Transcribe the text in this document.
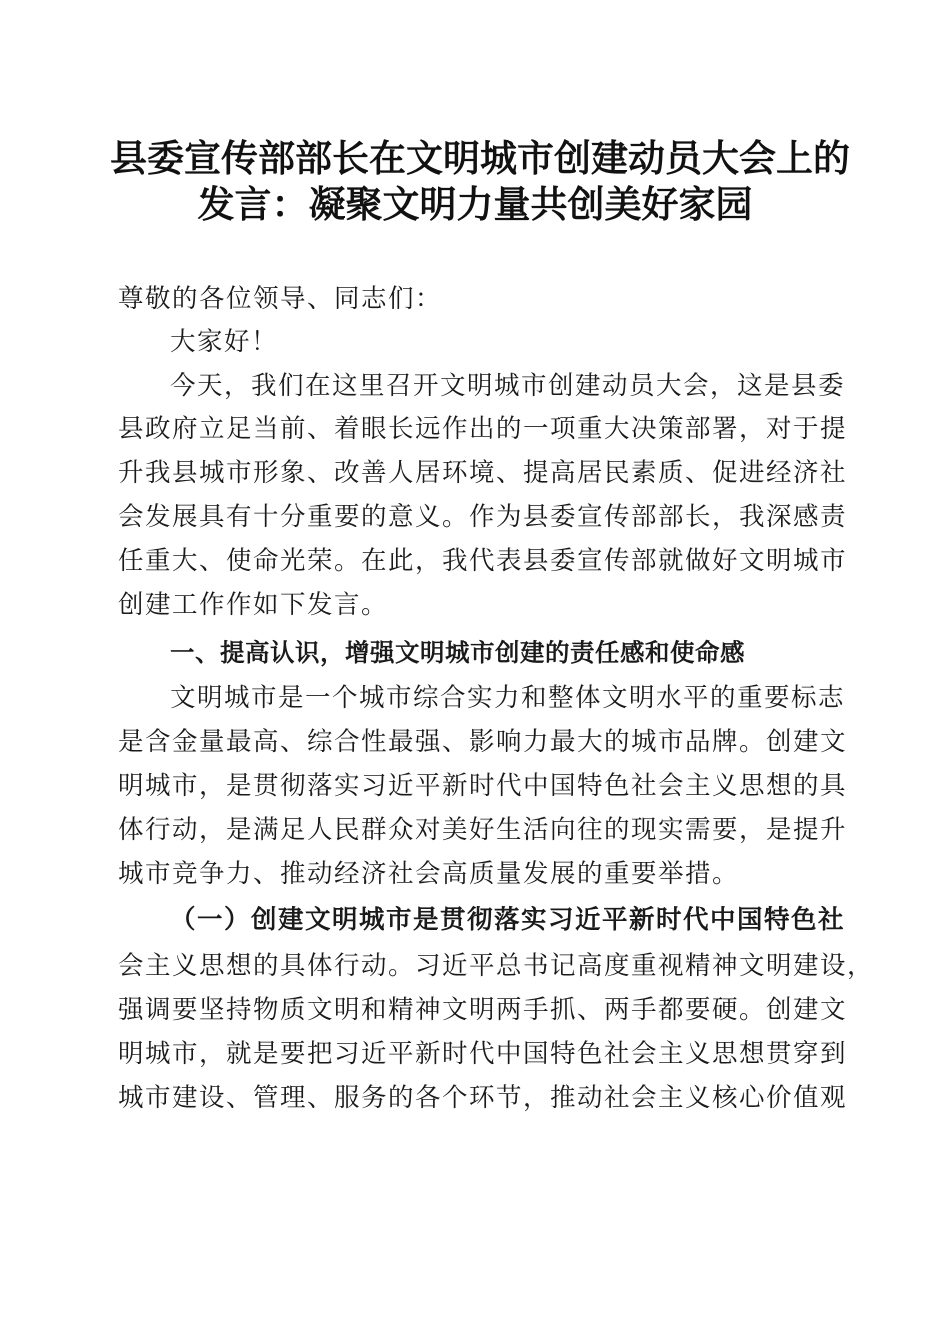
县委宣传部部长在文明城市创建动员大会上的
发言：凝聚文明力量共创美好家园
尊敬的各位领导、同志们：
大家好！
今天，我们在这里召开文明城市创建动员大会，这是县委
县政府立足当前、着眼长远作出的一项重大决策部署，对于提
升我县城市形象、改善人居环境、提高居民素质、促进经济社
会发展具有十分重要的意义。作为县委宣传部部长，我深感责
任重大、使命光荣。在此，我代表县委宣传部就做好文明城市
创建工作作如下发言。
一、提高认识，增强文明城市创建的责任感和使命感
文明城市是一个城市综合实力和整体文明水平的重要标志
是含金量最高、综合性最强、影响力最大的城市品牌。创建文
明城市，是贯彻落实习近平新时代中国特色社会主义思想的具
体行动，是满足人民群众对美好生活向往的现实需要，是提升
城市竞争力、推动经济社会高质量发展的重要举措。
（一）创建文明城市是贯彻落实习近平新时代中国特色社
会主义思想的具体行动。习近平总书记高度重视精神文明建设，
强调要坚持物质文明和精神文明两手抓、两手都要硬。创建文
明城市，就是要把习近平新时代中国特色社会主义思想贯穿到
城市建设、管理、服务的各个环节，推动社会主义核心价值观
